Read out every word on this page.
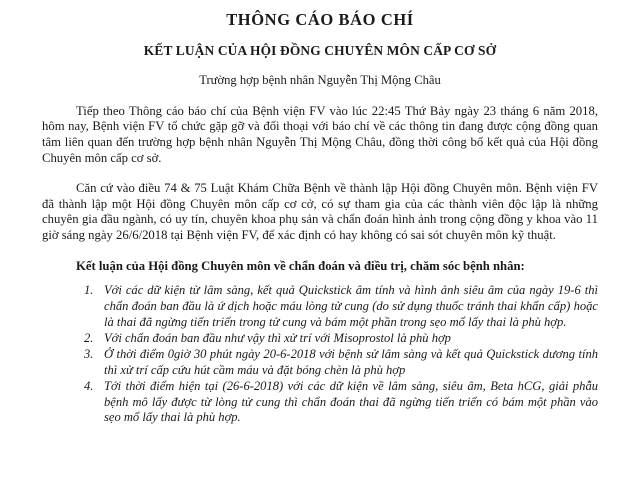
THÔNG CÁO BÁO CHÍ
KẾT LUẬN CỦA HỘI ĐỒNG CHUYÊN MÔN CẤP CƠ SỞ

Trường hợp bệnh nhân Nguyễn Thị Mộng Châu

Tiếp theo Thông cáo báo chí của Bệnh viện FV vào lúc 22:45 Thứ Bảy ngày 23 tháng 6 năm 2018, hôm nay, Bệnh viện FV tổ chức gặp gỡ và đối thoại với báo chí về các thông tin đang được cộng đồng quan tâm liên quan đến trường hợp bệnh nhân Nguyễn Thị Mộng Châu, đồng thời công bố kết quả của Hội đồng Chuyên môn cấp cơ sở.

Căn cứ vào điều 74 & 75 Luật Khám Chữa Bệnh về thành lập Hội đồng Chuyên môn. Bệnh viện FV đã thành lập một Hội đồng Chuyên môn cấp cơ cở, có sự tham gia của các thành viên độc lập là những chuyên gia đầu ngành, có uy tín, chuyên khoa phụ sản và chẩn đoán hình ảnh trong cộng đồng y khoa vào 11 giờ sáng ngày 26/6/2018 tại Bệnh viện FV, để xác định có hay không có sai sót chuyên môn kỹ thuật.

Kết luận của Hội đồng Chuyên môn về chẩn đoán và điều trị, chăm sóc bệnh nhân:

Với các dữ kiện từ lâm sàng, kết quả Quickstick âm tính và hình ảnh siêu âm của ngày 19-6 thì chẩn đoán ban đầu là ứ dịch hoặc máu lòng tử cung (do sử dụng thuốc tránh thai khẩn cấp) hoặc là thai đã ngừng tiến triển trong tử cung và bám một phần trong sẹo mổ lấy thai là phù hợp.
Với chẩn đoán ban đầu như vậy thì xử trí với Misoprostol là phù hợp
Ở thời điểm 0giờ 30 phút ngày 20-6-2018 với bệnh sử lâm sàng và kết quả Quickstick dương tính thì xử trí cấp cứu hút cầm máu và đặt bóng chèn là phù hợp
Tới thời điểm hiện tại (26-6-2018) với các dữ kiện về lâm sàng, siêu âm, Beta hCG, giải phẫu bệnh mô lấy được từ lòng tử cung thì chẩn đoán thai đã ngừng tiến triển có bám một phần vào sẹo mổ lấy thai là phù hợp.
